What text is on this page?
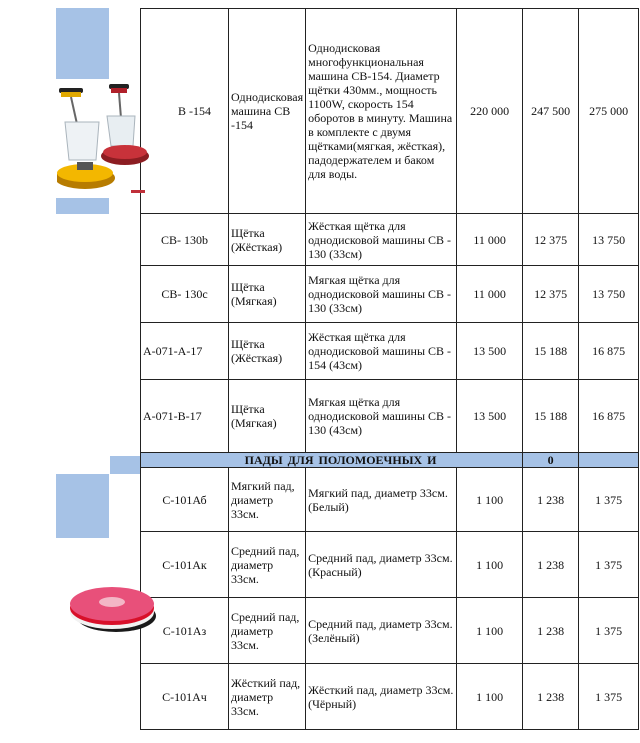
В -154	Однодисковая машина СВ -154	Однодисковая многофункциональная машина СВ-154. Диаметр щётки 430мм., мощность 1100W, скорость 154 оборотов в минуту. Машина в комплекте с двумя щётками(мягкая, жёсткая), падодержателем и баком для воды.	220 000	247 500	275 000
СВ- 130b	Щётка (Жёсткая)	Жёсткая щётка для однодисковой машины СВ - 130 (33см)	11 000	12 375	13 750
СВ- 130с	Щётка (Мягкая)	Мягкая щётка для однодисковой машины СВ - 130 (33см)	11 000	12 375	13 750
А-071-А-17	Щётка (Жёсткая)	Жёсткая щётка для однодисковой машины СВ - 154 (43см)	13 500	15 188	16 875
А-071-В-17	Щётка (Мягкая)	Мягкая щётка для однодисковой машины СВ - 130 (43см)	13 500	15 188	16 875
ПАДЫ ДЛЯ ПОЛОМОЕЧНЫХ И				0	
С-101Аб	Мягкий пад, диаметр 33см.	Мягкий пад, диаметр 33см. (Белый)	1 100	1 238	1 375
С-101Ак	Средний пад, диаметр 33см.	Средний пад, диаметр 33см. (Красный)	1 100	1 238	1 375
С-101Аз	Средний пад, диаметр 33см.	Средний пад, диаметр 33см. (Зелёный)	1 100	1 238	1 375
С-101Ач	Жёсткий пад, диаметр 33см.	Жёсткий пад, диаметр 33см. (Чёрный)	1 100	1 238	1 375
